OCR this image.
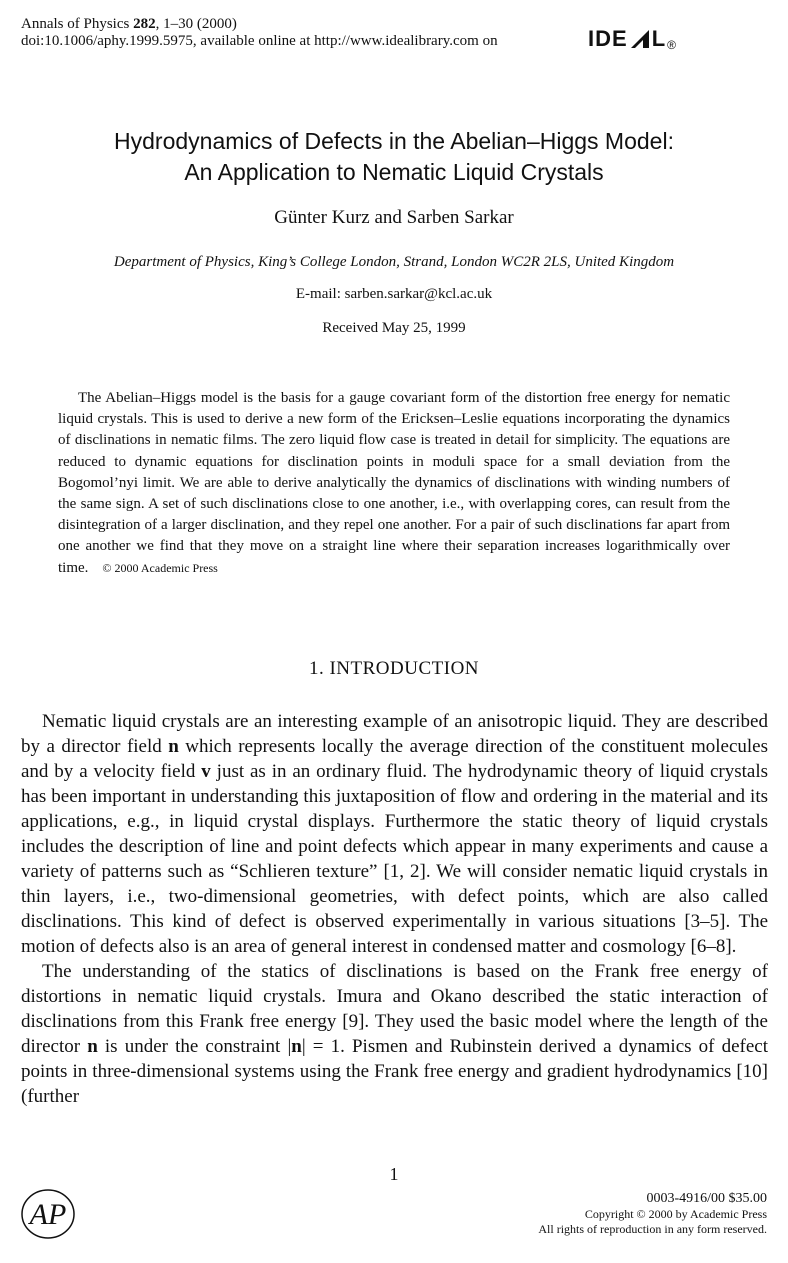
Annals of Physics 282, 1–30 (2000)
doi:10.1006/aphy.1999.5975, available online at http://www.idealibrary.com on	IDE $L_®$
Hydrodynamics of Defects in the Abelian–Higgs Model:
An Application to Nematic Liquid Crystals
Günter Kurz and Sarben Sarkar
Department of Physics, King’s College London, Strand, London WC2R 2LS, United Kingdom
E-mail: sarben.sarkar@kcl.ac.uk
Received May 25, 1999
The Abelian–Higgs model is the basis for a gauge covariant form of the distortion free energy for nematic liquid crystals. This is used to derive a new form of the Ericksen–Leslie equations incorporating the dynamics of disclinations in nematic films. The zero liquid flow case is treated in detail for simplicity. The equations are reduced to dynamic equations for disclination points in moduli space for a small deviation from the Bogomol’nyi limit. We are able to derive analytically the dynamics of disclinations with winding numbers of the same sign. A set of such disclinations close to one another, i.e., with overlapping cores, can result from the disintegration of a larger disclination, and they repel one another. For a pair of such disclinations far apart from one another we find that they move on a straight line where their separation increases logarithmically over time. © 2000 Academic Press
1. INTRODUCTION

Nematic liquid crystals are an interesting example of an anisotropic liquid. They are described by a director field n which represents locally the average direction of the constituent molecules and by a velocity field v just as in an ordinary fluid. The hydrodynamic theory of liquid crystals has been important in understanding this juxtaposition of flow and ordering in the material and its applications, e.g., in liquid crystal displays. Furthermore the static theory of liquid crystals includes the description of line and point defects which appear in many experiments and cause a variety of patterns such as “Schlieren texture” [1, 2]. We will consider nematic liquid crystals in thin layers, i.e., two-dimensional geometries, with defect points, which are also called disclinations. This kind of defect is observed experimentally in various situations [3–5]. The motion of defects also is an area of general interest in condensed matter and cosmology [6–8].

The understanding of the statics of disclinations is based on the Frank free energy of distortions in nematic liquid crystals. Imura and Okano described the static interaction of disclinations from this Frank free energy [9]. They used the basic model where the length of the director n is under the constraint |n| = 1. Pismen and Rubinstein derived a dynamics of defect points in three-dimensional systems using the Frank free energy and gradient hydrodynamics [10] (further

1
AP	0003-4916/00 $35.00
Copyright © 2000 by Academic Press
All rights of reproduction in any form reserved.
